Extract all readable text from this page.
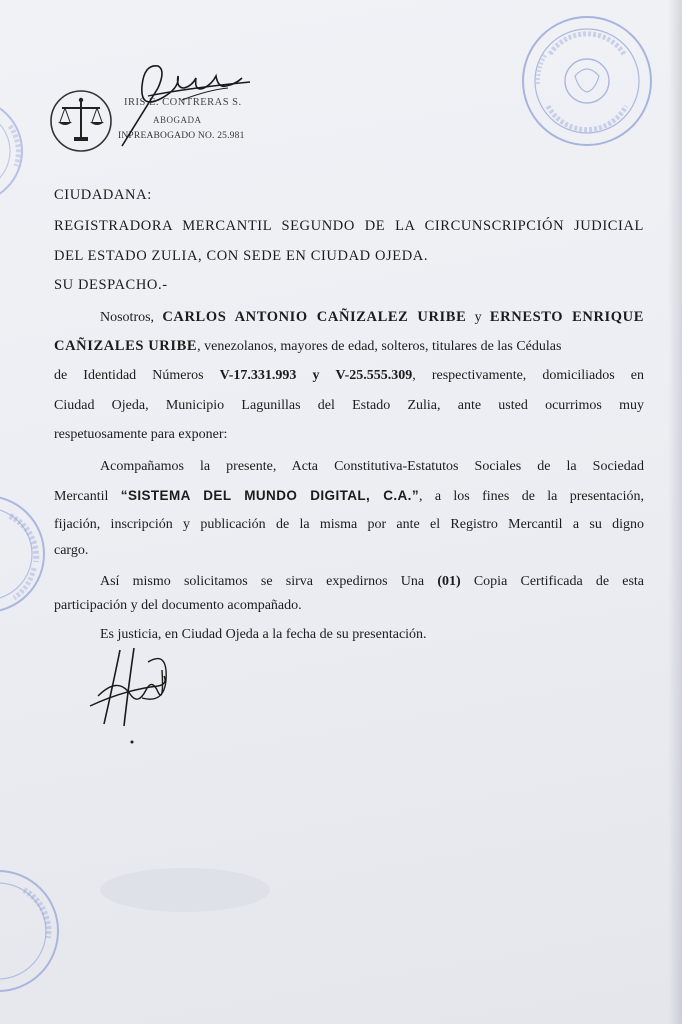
IRIS E. CONTRERAS S.
ABOGADA
INPREABOGADO NO. 25.981
CIUDADANA:
REGISTRADORA MERCANTIL SEGUNDO DE LA CIRCUNSCRIPCIÓN JUDICIAL
DEL ESTADO ZULIA, CON SEDE EN CIUDAD OJEDA.
SU DESPACHO.-
Nosotros, CARLOS ANTONIO CAÑIZALEZ URIBE y ERNESTO ENRIQUE
CAÑIZALES URIBE, venezolanos, mayores de edad, solteros, titulares de las Cédulas
de Identidad Números V-17.331.993 y V-25.555.309, respectivamente, domiciliados en
Ciudad Ojeda, Municipio Lagunillas del Estado Zulia, ante usted ocurrimos muy
respetuosamente para exponer:
Acompañamos la presente, Acta Constitutiva-Estatutos Sociales de la Sociedad
Mercantil “SISTEMA DEL MUNDO DIGITAL, C.A.”, a los fines de la presentación,
fijación, inscripción y publicación de la misma por ante el Registro Mercantil a su digno
cargo.
Así mismo solicitamos se sirva expedirnos Una (01) Copia Certificada de esta
participación y del documento acompañado.
Es justicia, en Ciudad Ojeda a la fecha de su presentación.
